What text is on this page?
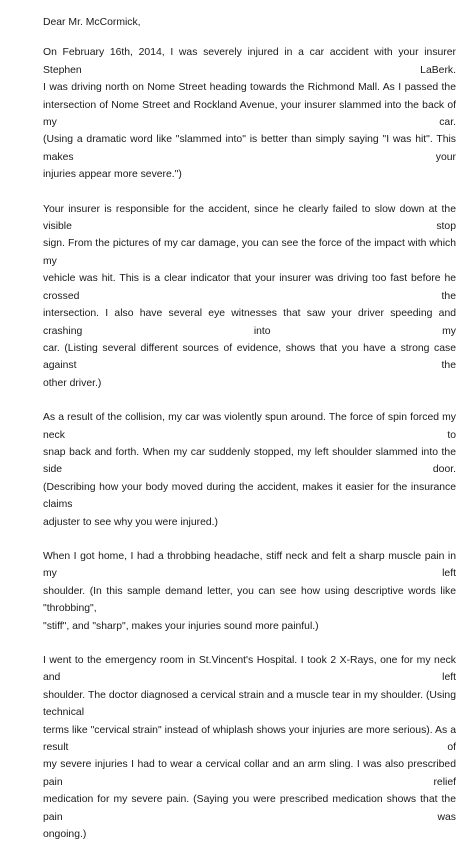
Dear Mr. McCormick,

On February 16th, 2014, I was severely injured in a car accident with your insurer Stephen LaBerk.
I was driving north on Nome Street heading towards the Richmond Mall. As I passed the
intersection of Nome Street and Rockland Avenue, your insurer slammed into the back of my car.
(Using a dramatic word like "slammed into" is better than simply saying "I was hit". This makes your
injuries appear more severe.")

Your insurer is responsible for the accident, since he clearly failed to slow down at the visible stop
sign. From the pictures of my car damage, you can see the force of the impact with which my
vehicle was hit. This is a clear indicator that your insurer was driving too fast before he crossed the
intersection. I also have several eye witnesses that saw your driver speeding and crashing into my
car. (Listing several different sources of evidence, shows that you have a strong case against the
other driver.)

As a result of the collision, my car was violently spun around. The force of spin forced my neck to
snap back and forth. When my car suddenly stopped, my left shoulder slammed into the side door.
(Describing how your body moved during the accident, makes it easier for the insurance claims
adjuster to see why you were injured.)

When I got home, I had a throbbing headache, stiff neck and felt a sharp muscle pain in my left
shoulder. (In this sample demand letter, you can see how using descriptive words like "throbbing",
"stiff", and "sharp", makes your injuries sound more painful.)

I went to the emergency room in St.Vincent's Hospital. I took 2 X-Rays, one for my neck and left
shoulder. The doctor diagnosed a cervical strain and a muscle tear in my shoulder. (Using technical
terms like "cervical strain" instead of whiplash shows your injuries are more serious). As a result of
my severe injuries I had to wear a cervical collar and an arm sling. I was also prescribed pain relief
medication for my severe pain. (Saying you were prescribed medication shows that the pain was
ongoing.)
